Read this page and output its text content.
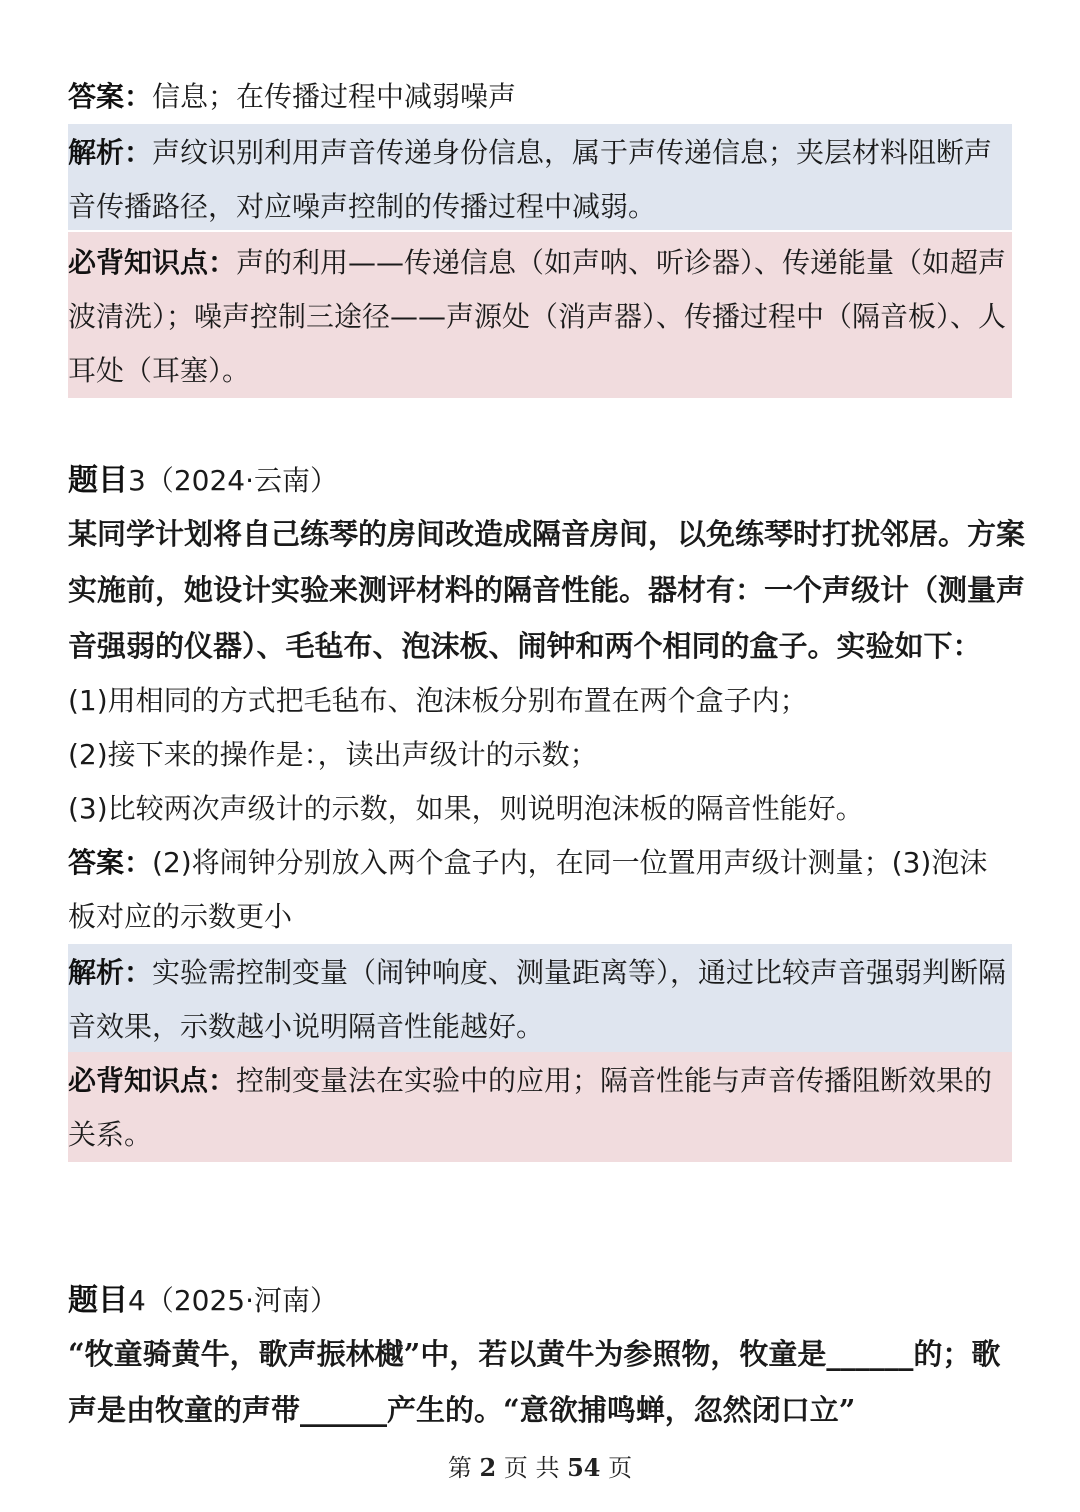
答案：信息；在传播过程中减弱噪声
解析：声纹识别利用声音传递身份信息，属于声传递信息；夹层材料阻断声音传播路径，对应噪声控制的传播过程中减弱。
必背知识点：声的利用——传递信息（如声呐、听诊器）、传递能量（如超声波清洗）；噪声控制三途径——声源处（消声器）、传播过程中（隔音板）、人耳处（耳塞）。
题目3（2024·云南）
某同学计划将自己练琴的房间改造成隔音房间，以免练琴时打扰邻居。方案实施前，她设计实验来测评材料的隔音性能。器材有：一个声级计（测量声音强弱的仪器）、毛毡布、泡沫板、闹钟和两个相同的盒子。实验如下：
(1)用相同的方式把毛毡布、泡沫板分别布置在两个盒子内；
(2)接下来的操作是：，读出声级计的示数；
(3)比较两次声级计的示数，如果，则说明泡沫板的隔音性能好。
答案：(2)将闹钟分别放入两个盒子内，在同一位置用声级计测量；(3)泡沫板对应的示数更小
解析：实验需控制变量（闹钟响度、测量距离等），通过比较声音强弱判断隔音效果，示数越小说明隔音性能越好。
必背知识点：控制变量法在实验中的应用；隔音性能与声音传播阻断效果的关系。
题目4（2025·河南）
“牧童骑黄牛，歌声振林樾”中，若以黄牛为参照物，牧童是______的；歌声是由牧童的声带______产生的。“意欲捕鸣蝉，忽然闭口立”
第 2 页 共 54 页
